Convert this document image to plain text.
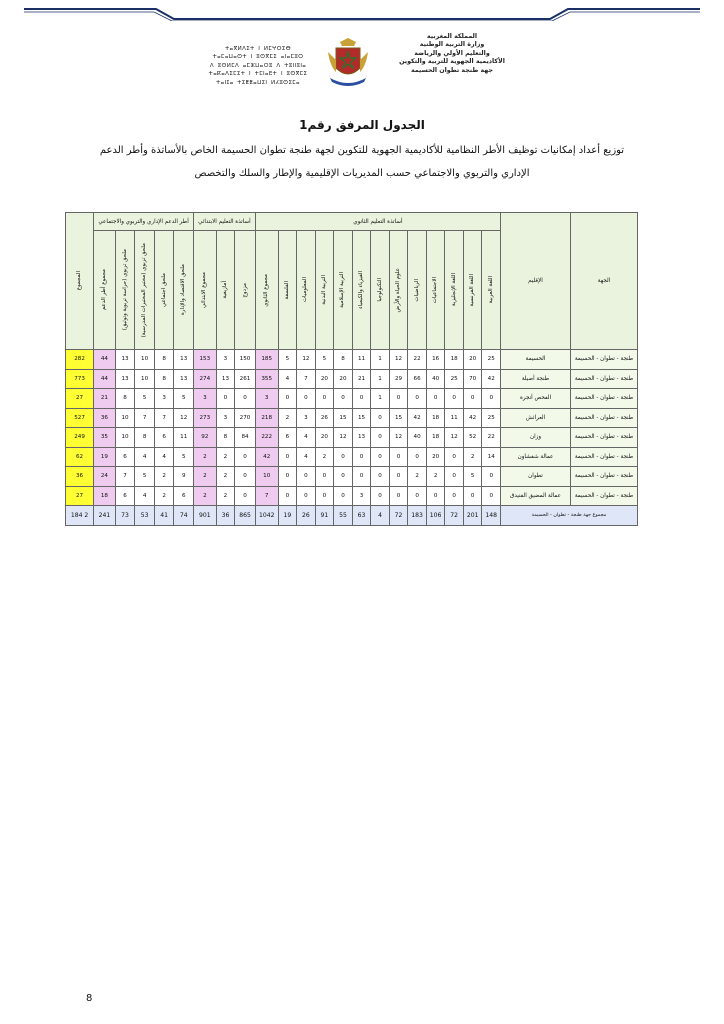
ⵜⴰⴳⵍⴷⵉⵜ ⵏ ⵍⵎⵖⵔⵉⴱ
ⵜⴰⵎⴰⵡⴰⵙⵜ ⵏ ⵓⵙⴳⵎⵉ ⴰⵏⴰⵎⵓⵔ
ⴷ ⵓⵙⵍⵎⴷ ⴰⵎⵣⵡⴰⵔⵓ ⴷ ⵜⵓⵏⵏⵓⵏⴰ
ⵜⴰⴽⴰⴷⵉⵎⵉⵜ ⵏ ⵜⵎⵏⴰⴹⵜ ⵏ ⵓⵙⴳⵎⵉ
ⵜⴰⵏⵊⴰ ⵜⵉⵟⵟⴰⵡⵉⵏ ⵍⵃⵓⵙⵉⵎⴰ
المملكة المغربية
وزارة التربية الوطنية
والتعليم الأولي والرياضة
الأكاديمية الجهوية للتربية والتكوين
جهة طنجة تطوان الحسيمة
الجدول المرفق رقم1
توزيع أعداد إمكانيات توظيف الأطر النظامية للأكاديمية الجهوية للتكوين لجهة طنجة تطوان الحسيمة الخاص بالأساتذة وأطر الدعم
الإداري والتربوي والاجتماعي حسب المديريات الإقليمية والإطار والسلك والتخصص
الجهة	الإقليم	أساتذة التعليم الثانوي													أساتذة التعليم الابتدائي			أطر الدعم الإداري والتربوي والاجتماعي					المجموع

		اللغة العربية	اللغة الفرنسية	اللغة الإنجليزية	الاجتماعيات	الرياضيات	علوم الحياة والأرض	التكنولوجيا	الفيزياء والكيمياء	التربية الإسلامية	التربية البدنية	المعلوميات	الفلسفة	مجموع الثانوي	مزدوج	أمازيغية	مجموع الابتدائي	ملحق الاقتصاد والإدارة	ملحق اجتماعي	ملحق تربوي (مختبر المختبرات المدرسية)	ملحق تربوي (حراسة تربوية وتوثيق)	مجموع أطر الدعم	

طنجة - تطوان - الحسيمة	الحسيمة	25	20	18	16	22	12	1	11	8	5	12	5	185	150	3	153	13	8	10	13	44	282
طنجة - تطوان - الحسيمة	طنجة أصيلة	42	70	25	40	66	29	1	21	20	20	7	4	355	261	13	274	13	8	10	13	44	773
طنجة - تطوان - الحسيمة	الفحص أنجرة	0	0	0	0	0	0	1	0	0	0	0	0	3	0	0	3	5	3	5	8	21	27
طنجة - تطوان - الحسيمة	العرائش	25	42	11	18	42	15	0	15	15	26	3	2	218	270	3	273	12	7	7	10	36	527
طنجة - تطوان - الحسيمة	وزان	22	52	12	18	40	12	0	13	12	20	4	6	222	84	8	92	11	6	8	10	35	249
طنجة - تطوان - الحسيمة	عمالة شفشاون	14	2	0	20	0	0	0	0	0	2	4	0	42	0	2	2	5	4	4	6	19	62
طنجة - تطوان - الحسيمة	تطوان	0	5	0	2	2	0	0	0	0	0	0	0	10	0	2	2	9	2	5	7	24	36
طنجة - تطوان - الحسيمة	عمالة المضيق الفنيدق	0	0	0	0	0	0	0	3	0	0	0	0	7	0	2	2	6	2	4	6	18	27
مجموع جهة طنجة - تطوان - الحسيمة		148	201	72	106	183	72	4	63	55	91	26	19	1042	865	36	901	74	41	53	73	241	2 184
8
